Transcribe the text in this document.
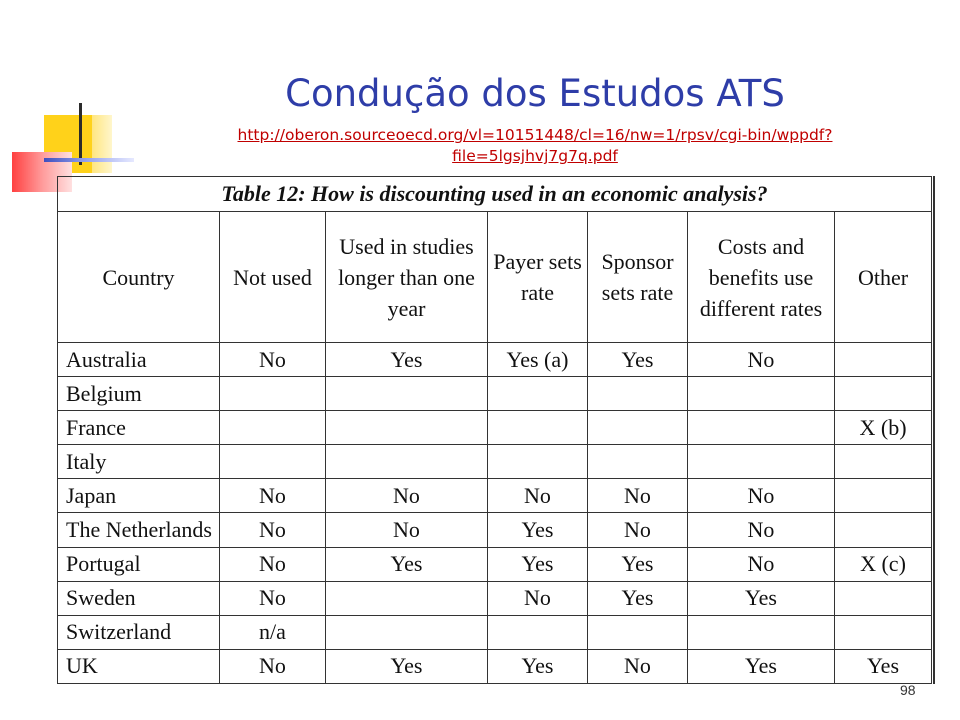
Condução dos Estudos ATS
http://oberon.sourceoecd.org/vl=10151448/cl=16/nw=1/rpsv/cgi-bin/wppdf?file=5lgsjhvj7g7q.pdf
Table 12: How is discounting used in an economic analysis?						
Country	Not used	Used in studies longer than one year	Payer sets rate	Sponsor sets rate	Costs and benefits use different rates	Other
Australia	No	Yes	Yes (a)	Yes	No	
Belgium						
France						X (b)
Italy						
Japan	No	No	No	No	No	
The Netherlands	No	No	Yes	No	No	
Portugal	No	Yes	Yes	Yes	No	X (c)
Sweden	No		No	Yes	Yes	
Switzerland	n/a					
UK	No	Yes	Yes	No	Yes	Yes
98
